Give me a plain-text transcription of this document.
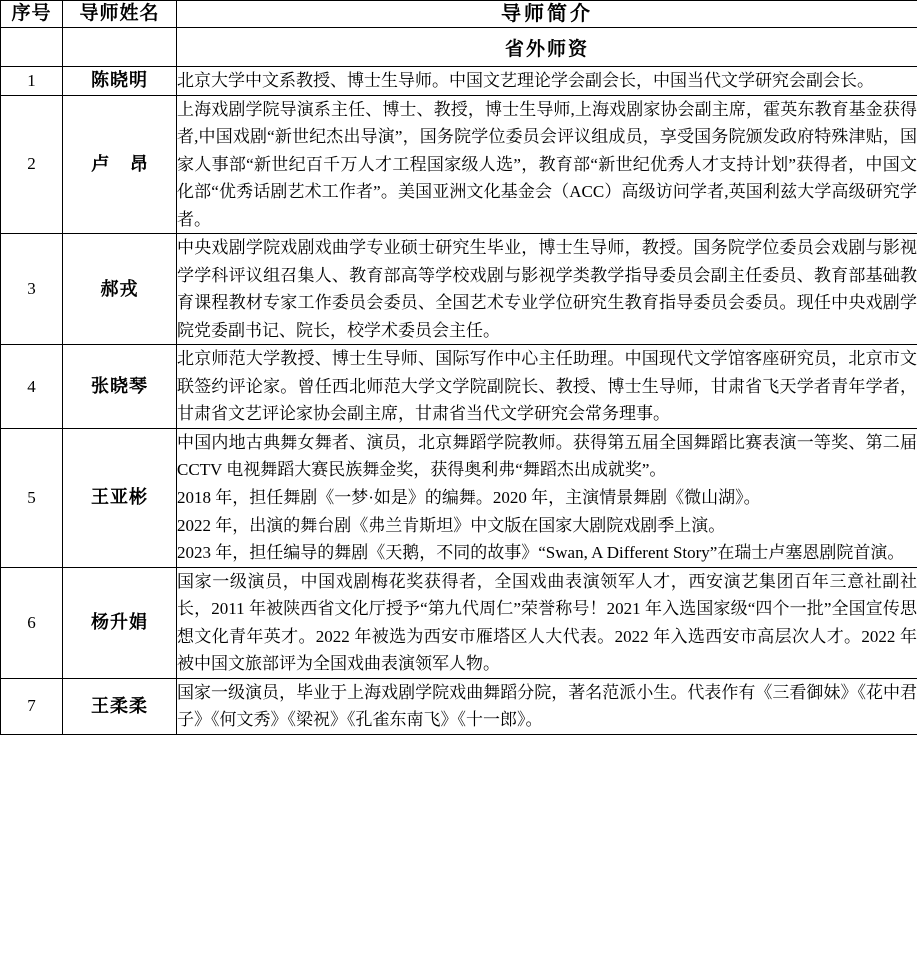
序号	导师姓名	导师简介
		省外师资
1	陈晓明	北京大学中文系教授、博士生导师。中国文艺理论学会副会长，中国当代文学研究会副会长。

2	卢 昂	上海戏剧学院导演系主任、博士、教授，博士生导师,上海戏剧家协会副主席，霍英东教育基金获得者,中国戏剧“新世纪杰出导演”，国务院学位委员会评议组成员，享受国务院颁发政府特殊津贴，国家人事部“新世纪百千万人才工程国家级人选”，教育部“新世纪优秀人才支持计划”获得者，中国文化部“优秀话剧艺术工作者”。美国亚洲文化基金会（ACC）高级访问学者,英国利兹大学高级研究学者。

3	郝戎	中央戏剧学院戏剧戏曲学专业硕士研究生毕业，博士生导师，教授。国务院学位委员会戏剧与影视学学科评议组召集人、教育部高等学校戏剧与影视学类教学指导委员会副主任委员、教育部基础教育课程教材专家工作委员会委员、全国艺术专业学位研究生教育指导委员会委员。现任中央戏剧学院党委副书记、院长，校学术委员会主任。

4	张晓琴	北京师范大学教授、博士生导师、国际写作中心主任助理。中国现代文学馆客座研究员，北京市文联签约评论家。曾任西北师范大学文学院副院长、教授、博士生导师，甘肃省飞天学者青年学者，甘肃省文艺评论家协会副主席，甘肃省当代文学研究会常务理事。

5	王亚彬	中国内地古典舞女舞者、演员，北京舞蹈学院教师。获得第五届全国舞蹈比赛表演一等奖、第二届 CCTV 电视舞蹈大赛民族舞金奖，获得奥利弗“舞蹈杰出成就奖”。

2018 年，担任舞剧《一梦·如是》的编舞。2020 年，主演情景舞剧《微山湖》。

2022 年，出演的舞台剧《弗兰肯斯坦》中文版在国家大剧院戏剧季上演。

2023 年，担任编导的舞剧《天鹅，不同的故事》“Swan, A Different Story”在瑞士卢塞恩剧院首演。

6	杨升娟	国家一级演员，中国戏剧梅花奖获得者，全国戏曲表演领军人才，西安演艺集团百年三意社副社长，2011 年被陕西省文化厅授予“第九代周仁”荣誉称号！2021 年入选国家级“四个一批”全国宣传思想文化青年英才。2022 年被选为西安市雁塔区人大代表。2022 年入选西安市高层次人才。2022 年被中国文旅部评为全国戏曲表演领军人物。

7	王柔柔	国家一级演员，毕业于上海戏剧学院戏曲舞蹈分院，著名范派小生。代表作有《三看御妹》《花中君子》《何文秀》《梁祝》《孔雀东南飞》《十一郎》。
